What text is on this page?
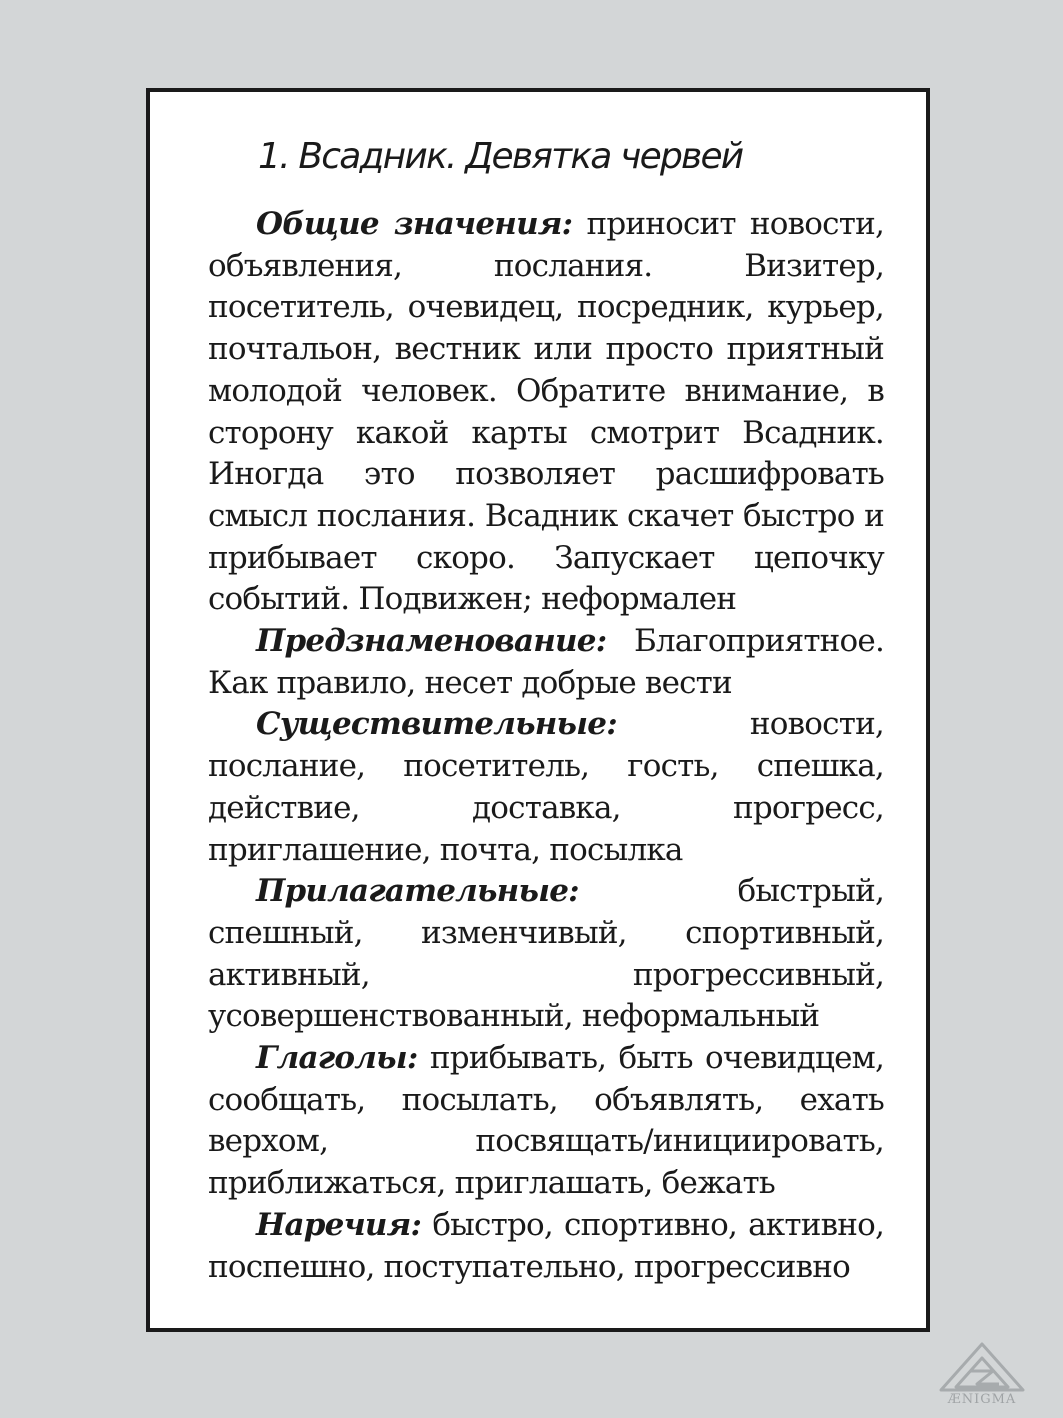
1. Всадник. Девятка червей

Общие значения: приносит новости, объявления, послания. Визитер, посетитель, очевидец, посредник, курьер, почтальон, вестник или просто приятный молодой человек. Обратите внимание, в сторону какой карты смотрит Всадник. Иногда это позволяет расшифровать смысл послания. Всадник скачет быстро и прибывает скоро. Запускает цепочку событий. Подвижен; неформален

Предзнаменование: Благоприятное. Как правило, несет добрые вести

Существительные:	новости, послание, посетитель, гость, спешка, действие, доставка, прогресс, приглашение, почта, посылка

Прилагательные:	быстрый, спешный, изменчивый, спортивный, активный, прогрессивный, усовершенствованный, неформальный

Глаголы: прибывать, быть очевидцем, сообщать, посылать, объявлять, ехать верхом, посвящать/инициировать, приближаться, приглашать, бежать

Наречия: быстро, спортивно, активно, поспешно, поступательно, прогрессивно

ÆNIGMA
